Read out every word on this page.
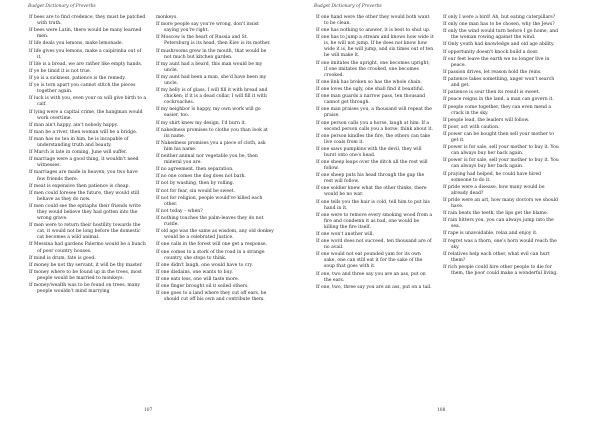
Budget Dictionary of Proverbs

If bees are to find credence, they must be patched with truth.

If bees were Latin, there would be many learned men.

If life deals you lemons, make lemonade.

If life gives you lemons, make a caipirinha out of it.

If life is a bread, we are rather like empty hands.

If ye be timid it is not true.

If ye is a sickness, patience is the remedy.

If ye is torn apart you cannot stitch the pieces together again.

If luck is with you, even your ox will give birth to a calf.

If lying were a capital crime, the hangman would work overtime.

If man ain't happy, ain't nobody happy.

If man be a river, then woman will be a bridge.

If man has no tea in him, he is incapable of understanding truth and beauty.

If March is late in coming, June will suffer.

If marriage were a good thing, it wouldn't need witnesses.

If marriages are made in heaven, you two have few friends there.

If meat is expensive then patience is cheap.

If men could foresee the future, they would still behave as they do now.

If men could see the epitaphs their friends write they would believe they had gotten into the wrong grave.

If men were to return their hostility towards the cat, it would not be long before the domestic cat becomes a wild animal.

If Messina had gardens Palermo would be a bunch of poor country houses.

If mind is drum, fate is good.

If money be not thy servant, it will be thy master.

If money where to be found up in the trees, most people would be married to monkeys.

If money/wealth was to be found on trees, many people wouldn't mind marrying

monkeys.

If more people say you're wrong, don't insist saying you're right.

If Moscow is the heart of Russia and St. Petersburg is its head, then Kiev is its mother.

If mushrooms grew in the mouth, that would be not much but kitchen garden.

If my aunt had a beard, this man would be my uncle.

If my aunt had been a man, she'd have been my uncle.

If my belly is of glass, I will fill it with bread and chicken; if it is a dead collar, I will fill it with cockroaches.

If my neighbor is happy, my own work will go easier, too.

If my shirt knew my design, I'd burn it.

If nakedness promises to clothe you than look at its name.

If Nakedness promises you a piece of cloth, ask him his name.

If neither animal nor vegetable you be, then mineral you are.

If no agreement, then separation.

If no one comes the dog does not bark.

If not by washing, then by rolling.

If not for fear, sin would be sweet.

If not for religion, people would've killed each other.

If not today – when?

If nothing touches the palm-leaves they do not rustle.

If old age was the same as wisdom, any old donkey would be a celebrated Justice.

If one calls in the forest will one get a response.

If one comes to a stork of the road in a strange country, she stops to think.

If one didn't laugh, one would have to cry.

If one disdains, one wants to buy.

If one eats less, one will taste more.

If one finger brought oil it soiled others.

If one goes to a land where they cut off ears, he should cut off his own and contribute them.

107
Budget Dictionary of Proverbs

If one hand were the other they would both want to be clean.

If one has nothing to answer, it is best to shut up.

If one has to jump a stream and knows how wide it is, he will not jump. If he does not know how wide it is, he will jump, and six times out of ten he will make it.

If one imitates the upright, one becomes upright; if one imitates the crooked, one becomes crooked.

If one link has broken so has the whole chain.

If one loves the ugly, one shall find it beautiful.

If one man guards a narrow pass, ten thousand cannot get through.

If one man praises you, a thousand will repeat the praise.

If one person calls you a horse, laugh at him. If a second person calls you a horse, think about it.

If one person kindles the fire, the others can take live coals from it.

If one saws pumpkins with the devil, they will burst onto one's head.

If one sheep leaps over the ditch all the rest will follow.

If one sheep puts his head through the gap the rest will follow.

If one soldier knew what the other thinks, there would be no war.

If one tells you the hair is cold, tell him to put his hand in it.

If one were to remove every smoking wood from a fire and condemn it as bad, one would be killing the fire itself.

If one won't another will.

If one word does not succeed, ten thousand are of no avail.

If one would not eat pounded yam for its own sake, one can still eat it for the sake of the soup that goes with it.

If one, two and three say you are an ass, put on the ears.

If one, two, three say you are an ass, put on a tail.

If only I were a bird! Ah, but eating caterpillars?

If only one man has to be chosen, why the Jews?

If only the wind would turn before I go home, and the woman rowing against the wind.

If Only youth had knowledge and old age ability.

If opportunity doesn't knock build a door.

If our feet leave the earth we no longer live in peace.

If passion drives, let reason hold the reins.

If patience takes something, anger won't search and get.

If patience is sour then its result is sweet.

If peace reigns in the land, a man can govern it.

If people come together, they can even mend a crack in the sky.

If people lead, the leaders will follow.

If poor, act with caution.

If power can be bought then sell your mother to get it.

If power is for sale, sell your mother to buy it. You can always buy her back again.

If power is for sale, sell your mother to buy it. You can always buy her back again.

If praying had helped, he could have hired someone to do it.

If pride were a disease, how many would be already dead?

If pride were an art, how many doctors we should have.

If rain beats the teeth, the lips get the blame.

If rain hitters you, you can always jump into the sea.

If rape is unavoidable, relax and enjoy it.

If regret was a thorn, one's horn would reach the sky.

If relatives help each other, what evil can hurt them?

If rich people could hire other people to die for them, the poor could make a wonderful living.

108
